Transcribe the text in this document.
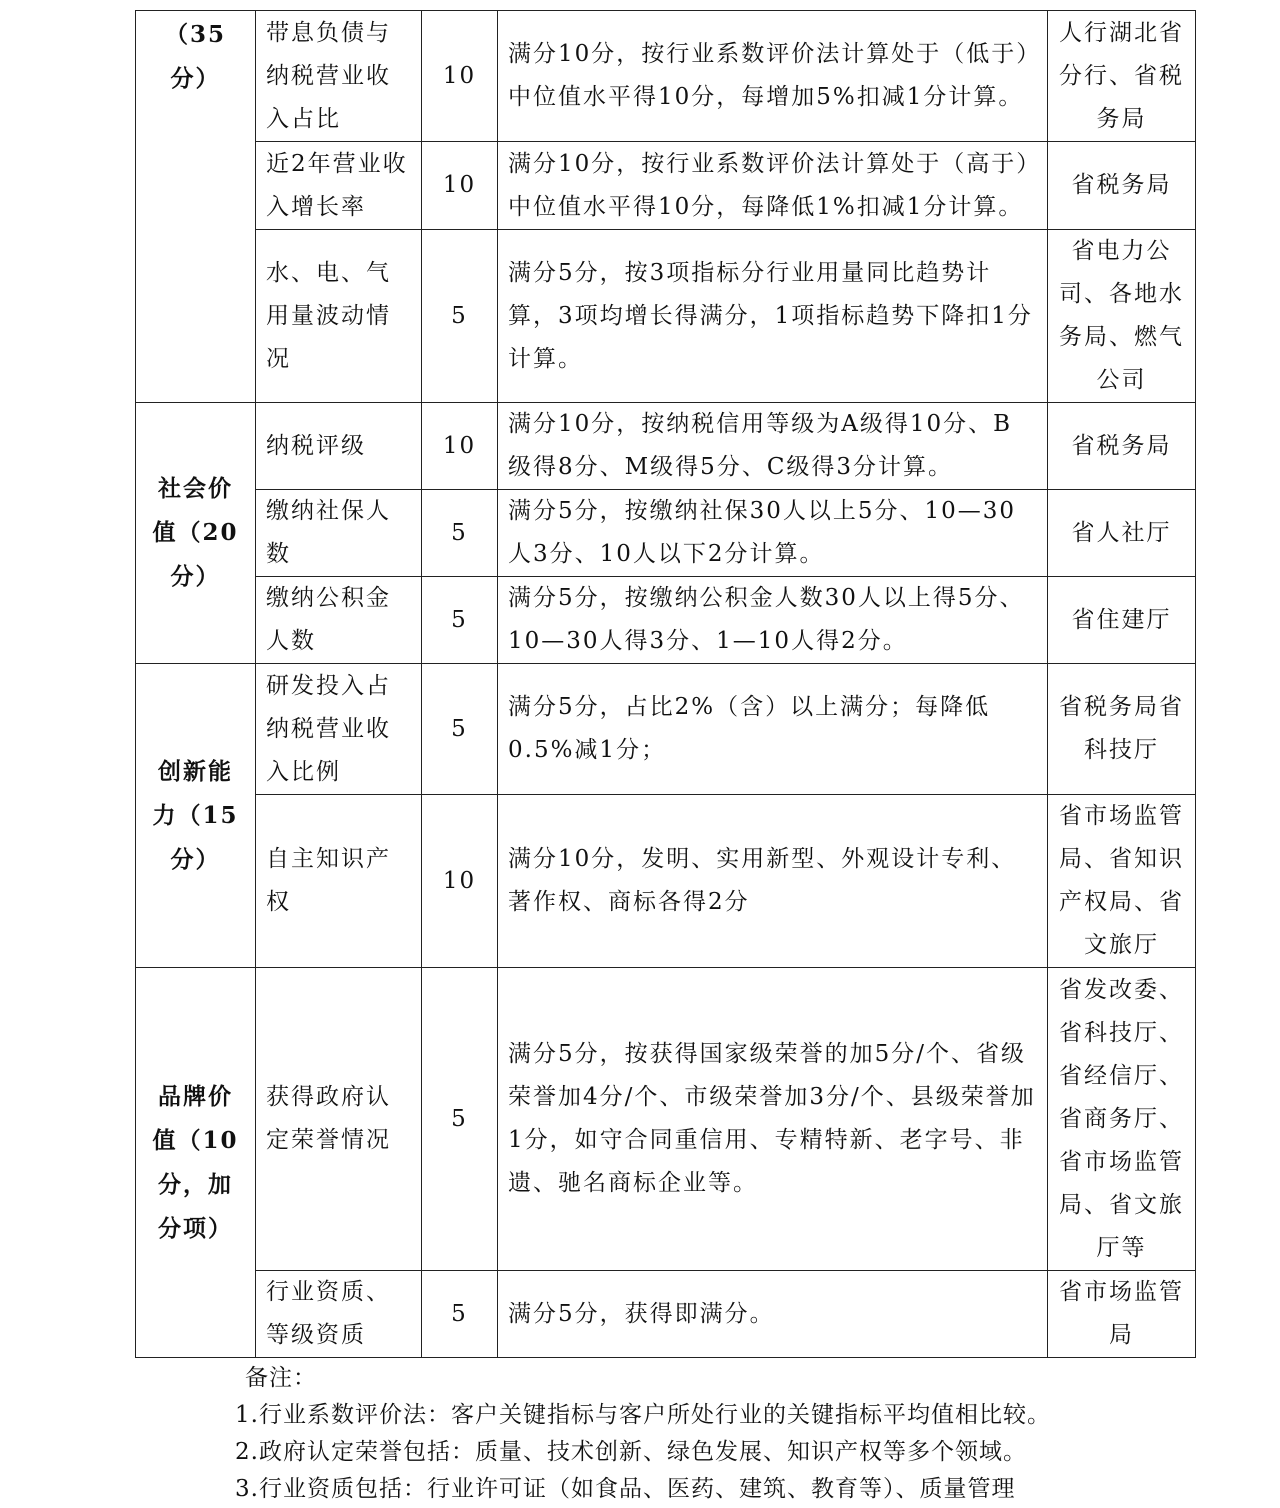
（35分）	带息负债与纳税营业收入占比	10	满分10分，按行业系数评价法计算处于（低于）中位值水平得10分，每增加5%扣减1分计算。	人行湖北省分行、省税务局
	近2年营业收入增长率	10	满分10分，按行业系数评价法计算处于（高于）中位值水平得10分，每降低1%扣减1分计算。	省税务局
	水、电、气用量波动情况	5	满分5分，按3项指标分行业用量同比趋势计算，3项均增长得满分，1项指标趋势下降扣1分计算。	省电力公司、各地水务局、燃气公司
社会价值（20分）	纳税评级	10	满分10分，按纳税信用等级为A级得10分、B级得8分、M级得5分、C级得3分计算。	省税务局
	缴纳社保人数	5	满分5分，按缴纳社保30人以上5分、10—30人3分、10人以下2分计算。	省人社厅
	缴纳公积金人数	5	满分5分，按缴纳公积金人数30人以上得5分、10—30人得3分、1—10人得2分。	省住建厅
创新能力（15分）	研发投入占纳税营业收入比例	5	满分5分，占比2%（含）以上满分；每降低0.5%减1分；	省税务局省科技厅
	自主知识产权	10	满分10分，发明、实用新型、外观设计专利、著作权、商标各得2分	省市场监管局、省知识产权局、省文旅厅
品牌价值（10分，加分项）	获得政府认定荣誉情况	5	满分5分，按获得国家级荣誉的加5分/个、省级荣誉加4分/个、市级荣誉加3分/个、县级荣誉加1分，如守合同重信用、专精特新、老字号、非遗、驰名商标企业等。	省发改委、省科技厅、省经信厅、省商务厅、省市场监管局、省文旅厅等
	行业资质、等级资质	5	满分5分，获得即满分。	省市场监管局
备注：
1.行业系数评价法：客户关键指标与客户所处行业的关键指标平均值相比较。
2.政府认定荣誉包括：质量、技术创新、绿色发展、知识产权等多个领域。
3.行业资质包括：行业许可证（如食品、医药、建筑、教育等）、质量管理
